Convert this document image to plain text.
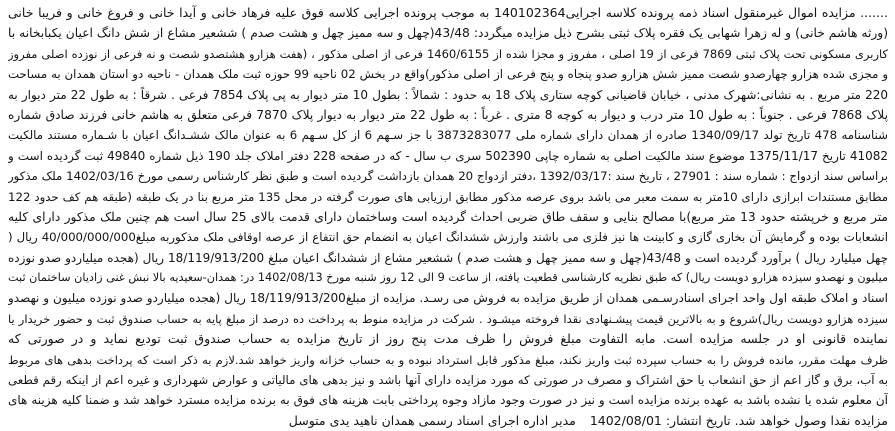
....... مزایده اموال غیرمنقول اسناد ذمه پرونده کلاسه اجرایی140102364 به موجب پرونده اجرایی کلاسه فوق علیه فرهاد خانی و آیدا خانی و فروغ خانی و فریبا خانی
(ورثه هاشم خانی) و له زهرا شهابی یک فقره پلاک ثبتی بشرح ذیل مزایده میگردد: 43/48(چهل و سه ممیز چهل و هشت صدم ) ششعیر مشاع از شش دانگ اعیان یکبابخانه با
کاربری مسکونی تحت پلاک ثبتی 7869 فرعی از 19 اصلی ، مفروز و مجزا شده از 1460/6155 فرعی از اصلی مذکور ، (هفت هزارو هشتصدو شصت و نه فرعی از نوزده اصلی مفروز
و مجزی شده هزارو چهارصدو شصت ممیز شش هزارو صدو پنجاه و پنج فرعی از اصلی مذکور)واقع در بخش 02 ناحیه 99 حوزه ثبت ملک همدان - ناحیه دو استان همدان به مساحت
220 متر مربع . به نشانی:شهرک مدنی ، خیابان قاضیانی کوچه ستاری پلاک 18 به حدود : شمالاً : بطول 10 متر دیوار به پی پلاک 7854 فرعی . شرقاً : به طول 22 متر دیوار به
پلاک 7868 فرعی . جنوباً : به طول 10 متر درب و دیوار به کوچه 8 متری . غرباً : به طول 22 متر دیوار به دیوار پلاک 7870 فرعی متعلق به هاشم خانی فرزند صادق شماره
شناسنامه 478 تاریخ تولد 1340/09/17 صادره از همدان دارای شماره ملی 3873283077 با جز سـهم 6 از کل سـهم 6 به عنوان مالک ششـدانگ اعیان با شـماره مستند مالکیت
41082 تاریخ 1375/11/17 موضوع سند مالکیت اصلی به شماره چاپی 502390 سری ب سال - که در صفحه 228 دفتر املاک جلد 190 ذیل شماره 49840 ثبت گردیده است و
براساس سند ازدواج : شماره سند : 27901 ، تاریخ سند :1392/03/17 ،دفتر ازدواج 20 همدان بازداشت گردیده است و طبق نظر کارشناس رسمی مورخ 1402/03/16 ملک مذکور
مطابق مستندات ابرازی دارای 10متر به سمت معبر می باشد بروی عرصه مذکور مطابق ارزیابی های صورت گرفته در محل 135 متر مربع بنا در یک طبقه (طبقه هم کف حدود 122
متر مربع و خرپشته حدود 13 متر مربع)با مصالح بنایی و سقف طاق ضربی احداث گردیده است وساختمان دارای قدمت بالای 25 سال است هم چنین ملک مذکور دارای کلیه
انشعابات بوده و گرمایش آن بخاری گازی و کابینت ها نیز فلزی می باشند وارزش ششدانگ اعیان به انضمام حق انتفاع از عرصه اوقافی ملک مذکوربه مبلغ40/000/000/000 ریال (
چهل میلیارد ریال ) برآورد گردیده است و 43/48(چهل و سه ممیز چهل و هشت صدم ) ششعیر مشاع از ششدانگ اعیان مبلغ 18/119/913/200 ریال (هجده میلیاردو صدو نوزده
میلیون و نهصدو سیزده هزارو دویست ریال) که طبق نظریه کارشناسی قطعیت یافته، از ساعت 9 الی 12 روز شنبه مورخ 1402/08/13 در: همدان-سعیدیه بالا نبش غنی زادیان ساختمان ثبت
اسناد و املاک طبقه اول واحد اجرای اسنادرسـمی همدان از طریق مزایده به فروش می رسـد. مزایده از مبلغ18/119/913/200 ریال (هجده میلیاردو صدو نوزده میلیون و نهصدو
سیزده هزارو دویست ریال)شروع و به بالاترین قیمت پیشـنهادی نقدا فروخته میشـود . شرکت در مزایده منوط به پرداخت ده درصد از مبلغ پایه به حساب صندوق ثبت و حضور خریدار یا
نماینده قانونی او در جلسه مزایده است. مابه التفاوت مبلغ فروش را ظرف مدت پنج روز از تاریخ مزایده به حساب صندوق ثبت تودیع نماید و در صورتی که
ظرف مهلت مقرر، مانده فروش را به حساب سپرده ثبت واریز نکند، مبلغ مذکور قابل استرداد نبوده و به حساب خزانه واریز خواهد شد.لازم به ذکر است که پرداخت بدهی های مربوط
به آب، برق و گاز اعم از حق انشعاب یا حق اشتراک و مصرف در صورتی که مورد مزایده دارای آنها باشد و نیز بدهی های مالیاتی و عوارض شهرداری و غیره اعم از اینکه رقم قطعی
آن معلوم شده یا نشده باشد به عهده برنده مزایده است و نیز در صورت وجود مازاد وجوه پرداختی بابت هزینه های فوق به برنده مزایده مسترد خواهد شد و ضمنا کلیه هزینه های
مزایده نقدا وصول خواهد شد. تاریخ انتشار: 1402/08/01مدیر اداره اجرای اسناد رسمی همدان ناهید یدی متوسل
